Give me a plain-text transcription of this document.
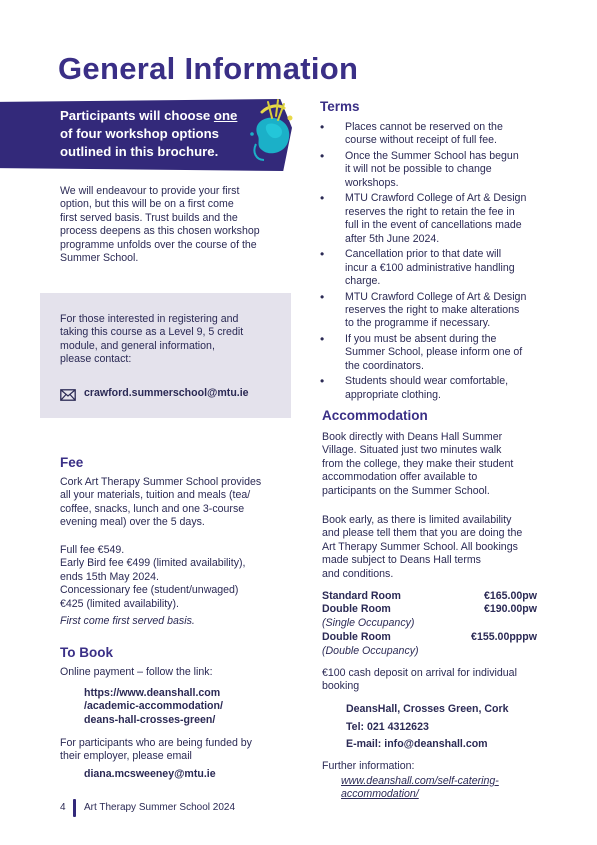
General Information
Participants will choose one
of four workshop options
outlined in this brochure.
We will endeavour to provide your first
option, but this will be on a first come
first served basis. Trust builds and the
process deepens as this chosen workshop
programme unfolds over the course of the
Summer School.
For those interested in registering and
taking this course as a Level 9, 5 credit
module, and general information,
please contact:
crawford.summerschool@mtu.ie
Fee
Cork Art Therapy Summer School provides
all your materials, tuition and meals (tea/
coffee, snacks, lunch and one 3-course
evening meal) over the 5 days.
Full fee €549.
Early Bird fee €499 (limited availability),
ends 15th May 2024.
Concessionary fee (student/unwaged)
€425 (limited availability).
First come first served basis.
To Book
Online payment – follow the link:
https://www.deanshall.com
/academic-accommodation/
deans-hall-crosses-green/
For participants who are being funded by
their employer, please email
diana.mcsweeney@mtu.ie
4 Art Therapy Summer School 2024
Terms
• Places cannot be reserved on the
course without receipt of full fee.
• Once the Summer School has begun
it will not be possible to change
workshops.
• MTU Crawford College of Art & Design
reserves the right to retain the fee in
full in the event of cancellations made
after 5th June 2024.
• Cancellation prior to that date will
incur a €100 administrative handling
charge.
• MTU Crawford College of Art & Design
reserves the right to make alterations
to the programme if necessary.
• If you must be absent during the
Summer School, please inform one of
the coordinators.
• Students should wear comfortable,
appropriate clothing.
Accommodation
Book directly with Deans Hall Summer
Village. Situated just two minutes walk
from the college, they make their student
accommodation offer available to
participants on the Summer School.
Book early, as there is limited availability
and please tell them that you are doing the
Art Therapy Summer School. All bookings
made subject to Deans Hall terms
and conditions.
Standard Room	€165.00pw
Double Room	€190.00pw
(Single Occupancy)
Double Room	€155.00pppw
(Double Occupancy)
€100 cash deposit on arrival for individual
booking
DeansHall, Crosses Green, Cork
Tel: 021 4312623
E-mail: info@deanshall.com
Further information:
www.deanshall.com/self-catering-
accommodation/
